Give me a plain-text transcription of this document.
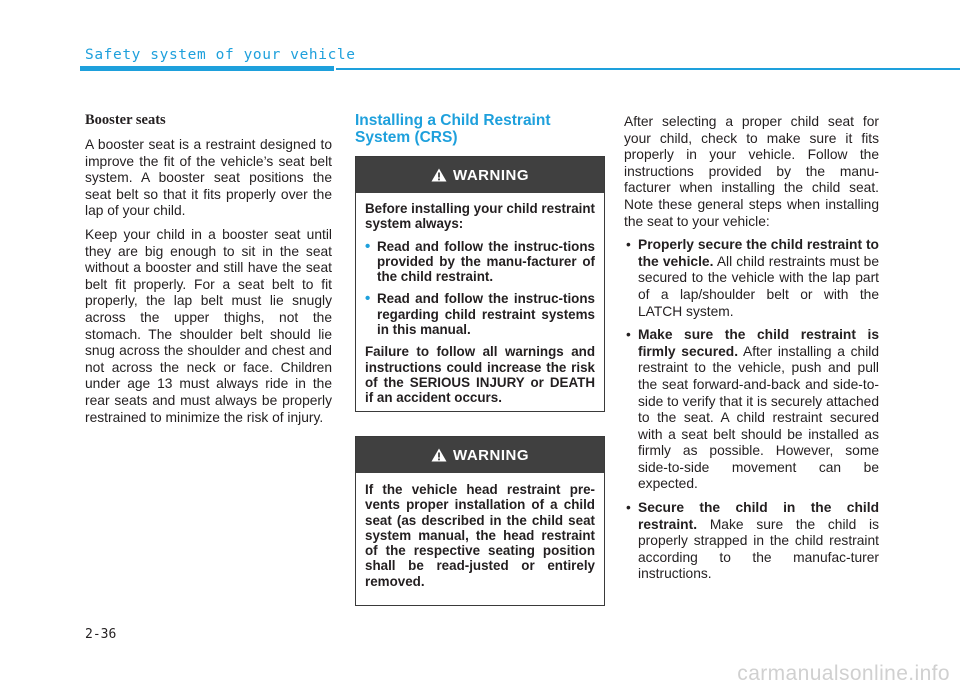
Safety system of your vehicle
Booster seats

A booster seat is a restraint designed to improve the fit of the vehicle’s seat belt system. A booster seat positions the seat belt so that it fits properly over the lap of your child.

Keep your child in a booster seat until they are big enough to sit in the seat without a booster and still have the seat belt fit properly. For a seat belt to fit properly, the lap belt must lie snugly across the upper thighs, not the stomach. The shoulder belt should lie snug across the shoulder and chest and not across the neck or face. Children under age 13 must always ride in the rear seats and must always be properly restrained to minimize the risk of injury.

Installing a Child Restraint System (CRS)
WARNING

Before installing your child restraint system always:

• Read and follow the instruc-tions provided by the manu-facturer of the child restraint.
• Read and follow the instruc-tions regarding child restraint systems in this manual.

Failure to follow all warnings and instructions could increase the risk of the SERIOUS INJURY or DEATH if an accident occurs.

WARNING

If the vehicle head restraint pre-vents proper installation of a child seat (as described in the child seat system manual, the head restraint of the respective seating position shall be read-justed or entirely removed.

After selecting a proper child seat for your child, check to make sure it fits properly in your vehicle. Follow the instructions provided by the manu-facturer when installing the child seat. Note these general steps when installing the seat to your vehicle:

• Properly secure the child restraint to the vehicle. All child restraints must be secured to the vehicle with the lap part of a lap/shoulder belt or with the LATCH system.
• Make sure the child restraint is firmly secured. After installing a child restraint to the vehicle, push and pull the seat forward-and-back and side-to-side to verify that it is securely attached to the seat. A child restraint secured with a seat belt should be installed as firmly as possible. However, some side-to-side movement can be expected.
• Secure the child in the child restraint. Make sure the child is properly strapped in the child restraint according to the manufac-turer instructions.
2-36
carmanualsonline.info
